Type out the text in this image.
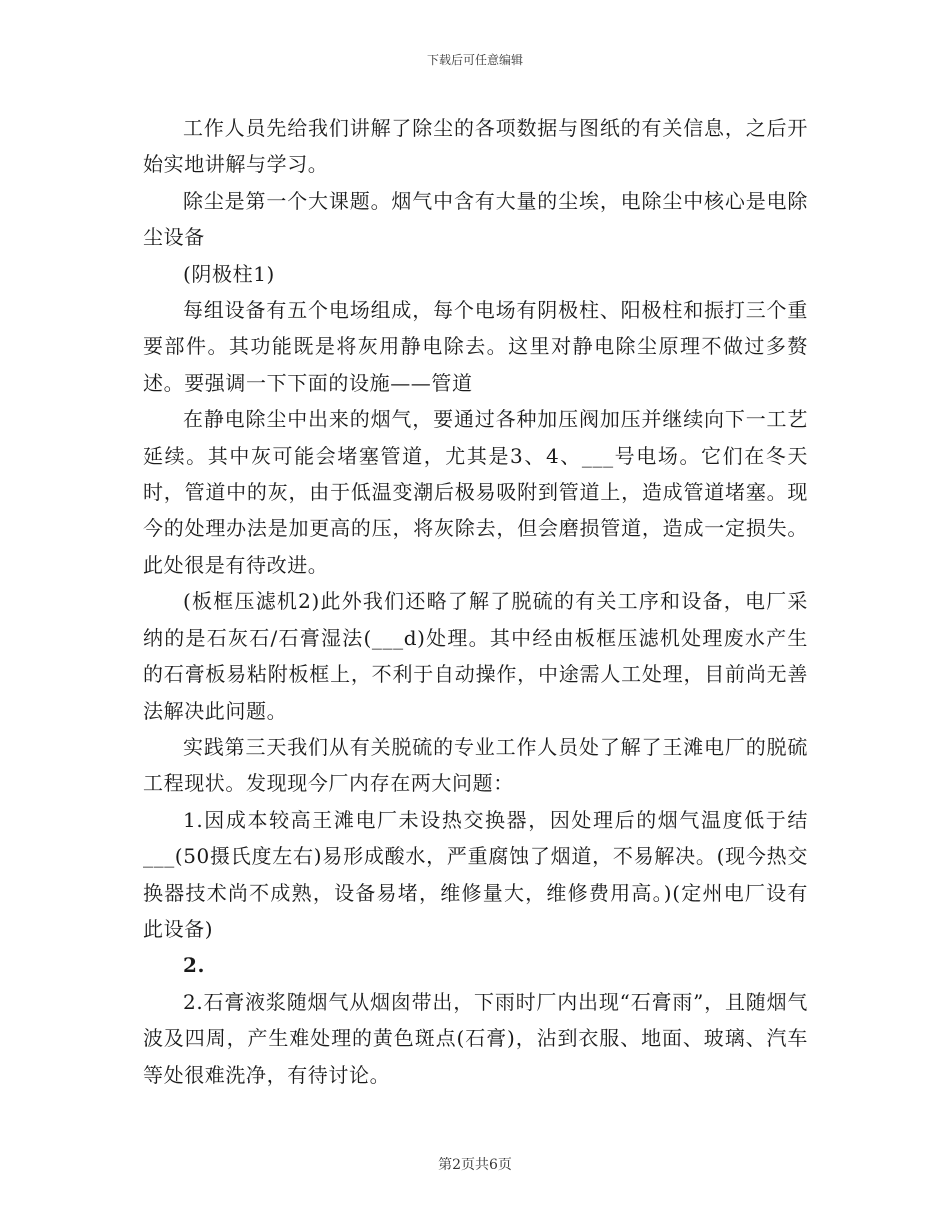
下载后可任意编辑

工作人员先给我们讲解了除尘的各项数据与图纸的有关信息，之后开始实地讲解与学习。

除尘是第一个大课题。烟气中含有大量的尘埃，电除尘中核心是电除尘设备

(阴极柱1)

每组设备有五个电场组成，每个电场有阴极柱、阳极柱和振打三个重要部件。其功能既是将灰用静电除去。这里对静电除尘原理不做过多赘述。要强调一下下面的设施——管道

在静电除尘中出来的烟气，要通过各种加压阀加压并继续向下一工艺延续。其中灰可能会堵塞管道，尤其是3、4、___号电场。它们在冬天时，管道中的灰，由于低温变潮后极易吸附到管道上，造成管道堵塞。现今的处理办法是加更高的压，将灰除去，但会磨损管道，造成一定损失。此处很是有待改进。

(板框压滤机2)此外我们还略了解了脱硫的有关工序和设备，电厂采纳的是石灰石/石膏湿法(___d)处理。其中经由板框压滤机处理废水产生的石膏板易粘附板框上，不利于自动操作，中途需人工处理，目前尚无善法解决此问题。

实践第三天我们从有关脱硫的专业工作人员处了解了王滩电厂的脱硫工程现状。发现现今厂内存在两大问题：

1.因成本较高王滩电厂未设热交换器，因处理后的烟气温度低于结___(50摄氏度左右)易形成酸水，严重腐蚀了烟道，不易解决。(现今热交换器技术尚不成熟，设备易堵，维修量大，维修费用高。)(定州电厂设有此设备)

2.

2.石膏液浆随烟气从烟囱带出，下雨时厂内出现“石膏雨”，且随烟气波及四周，产生难处理的黄色斑点(石膏)，沾到衣服、地面、玻璃、汽车等处很难洗净，有待讨论。

第2页共6页
